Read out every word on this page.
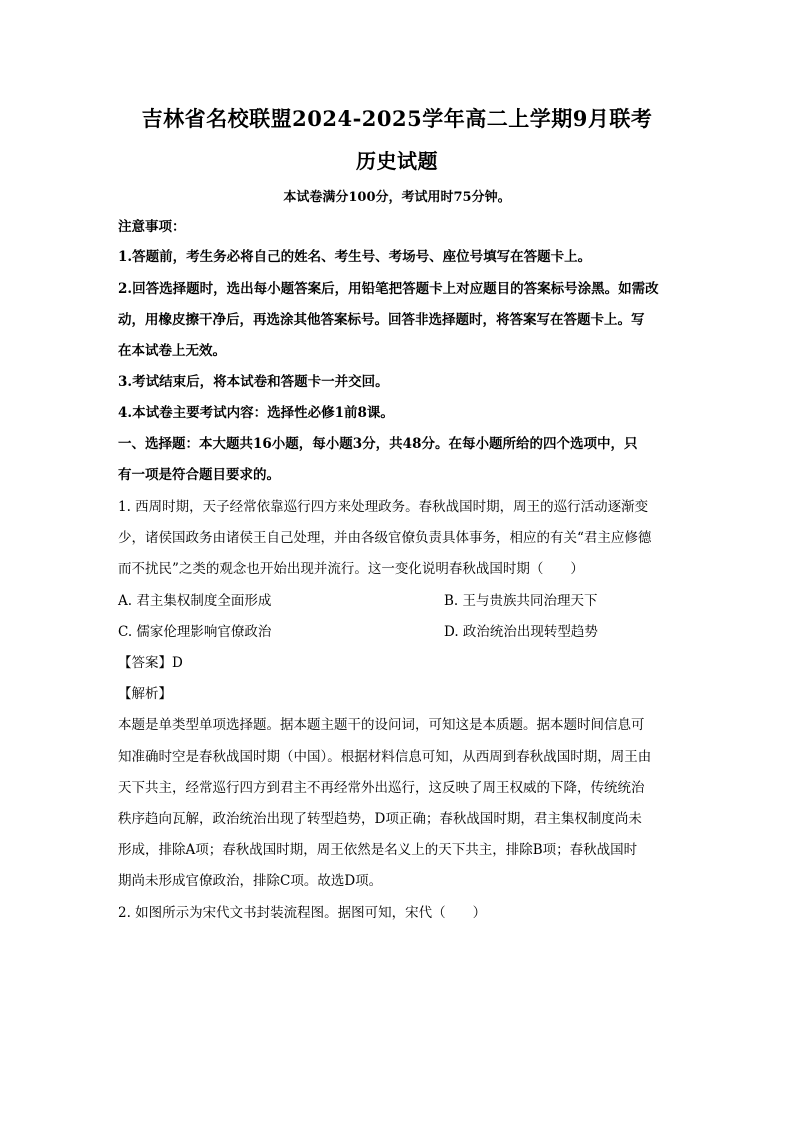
吉林省名校联盟2024-2025学年高二上学期9月联考
历史试题
本试卷满分100分，考试用时75分钟。
注意事项：
1.答题前，考生务必将自己的姓名、考生号、考场号、座位号填写在答题卡上。
2.回答选择题时，选出每小题答案后，用铅笔把答题卡上对应题目的答案标号涂黑。如需改
动，用橡皮擦干净后，再选涂其他答案标号。回答非选择题时，将答案写在答题卡上。写
在本试卷上无效。
3.考试结束后，将本试卷和答题卡一并交回。
4.本试卷主要考试内容：选择性必修1前8课。
一、选择题：本大题共16小题，每小题3分，共48分。在每小题所给的四个选项中，只
有一项是符合题目要求的。
1. 西周时期，天子经常依靠巡行四方来处理政务。春秋战国时期，周王的巡行活动逐渐变
少，诸侯国政务由诸侯王自己处理，并由各级官僚负责具体事务，相应的有关“君主应修德
而不扰民”之类的观念也开始出现并流行。这一变化说明春秋战国时期（　　）
A. 君主集权制度全面形成	B. 王与贵族共同治理天下
C. 儒家伦理影响官僚政治	D. 政治统治出现转型趋势
【答案】D
【解析】
本题是单类型单项选择题。据本题主题干的设问词，可知这是本质题。据本题时间信息可
知准确时空是春秋战国时期（中国）。根据材料信息可知，从西周到春秋战国时期，周王由
天下共主，经常巡行四方到君主不再经常外出巡行，这反映了周王权威的下降，传统统治
秩序趋向瓦解，政治统治出现了转型趋势，D项正确；春秋战国时期，君主集权制度尚未
形成，排除A项；春秋战国时期，周王依然是名义上的天下共主，排除B项；春秋战国时
期尚未形成官僚政治，排除C项。故选D项。
2. 如图所示为宋代文书封装流程图。据图可知，宋代（　　）
